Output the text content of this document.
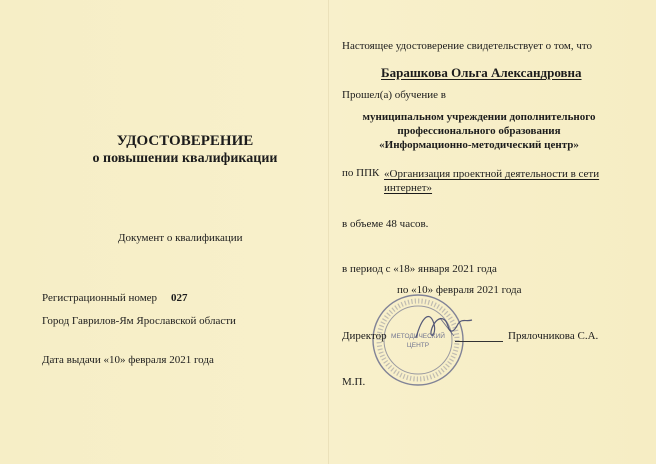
УДОСТОВЕРЕНИЕ
о повышении квалификации
Документ о квалификации
Регистрационный номер 027
Город Гаврилов-Ям Ярославской области
Дата выдачи «10» февраля 2021 года
Настоящее удостоверение свидетельствует о том, что
Барашкова Ольга Александровна
Прошел(а) обучение в
муниципальном учреждении дополнительного
профессионального образования
«Информационно-методический центр»
по ППК «Организация проектной деятельности в сети интернет»
в объеме 48 часов.
в период с «18» января 2021 года
по «10» февраля 2021 года
МЕТОДИЧЕСКИЙ
ЦЕНТР
Директор	Прялочникова С.А.
М.П.
